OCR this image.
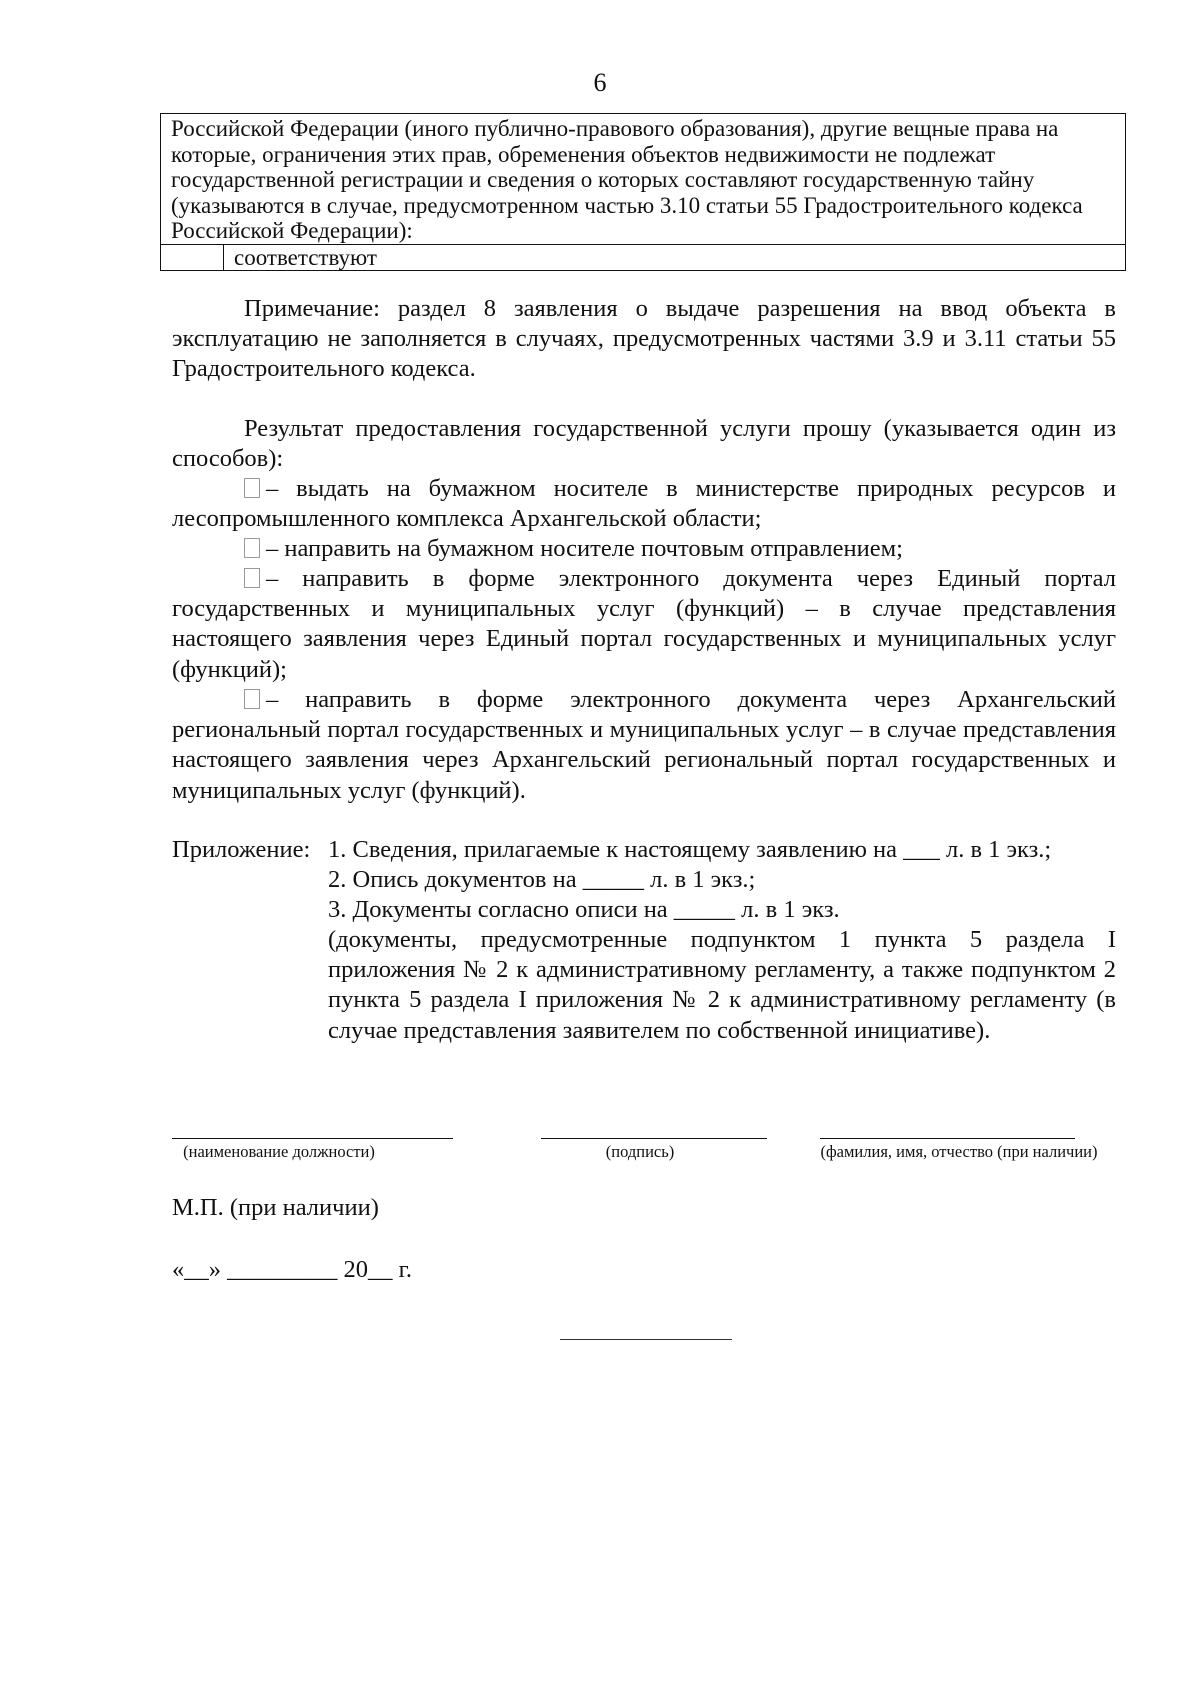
6
Российской Федерации (иного публично-правового образования), другие вещные права на которые, ограничения этих прав, обременения объектов недвижимости не подлежат государственной регистрации и сведения о которых составляют государственную тайну (указываются в случае, предусмотренном частью 3.10 статьи 55 Градостроительного кодекса Российской Федерации):
	соответствуют

Примечание: раздел 8 заявления о выдаче разрешения на ввод объекта в эксплуатацию не заполняется в случаях, предусмотренных частями 3.9 и 3.11 статьи 55 Градостроительного кодекса.

Результат предоставления государственной услуги прошу (указывается один из способов):

– выдать на бумажном носителе в министерстве природных ресурсов и лесопромышленного комплекса Архангельской области;

– направить на бумажном носителе почтовым отправлением;

– направить в форме электронного документа через Единый портал государственных и муниципальных услуг (функций) – в случае представления настоящего заявления через Единый портал государственных и муниципальных услуг (функций);

– направить в форме электронного документа через Архангельский региональный портал государственных и муниципальных услуг – в случае представления настоящего заявления через Архангельский региональный портал государственных и муниципальных услуг (функций).

Приложение: 1. Сведения, прилагаемые к настоящему заявлению на ___ л. в 1 экз.;
2. Опись документов на _____ л. в 1 экз.;
3. Документы согласно описи на _____ л. в 1 экз.

(документы, предусмотренные подпунктом 1 пункта 5 раздела I приложения № 2 к административному регламенту, а также подпунктом 2 пункта 5 раздела I приложения № 2 к административному регламенту (в случае представления заявителем по собственной инициативе).

(наименование должности)	(подпись)	(фамилия, имя, отчество (при наличии)
М.П. (при наличии)
«__» _________ 20__ г.
